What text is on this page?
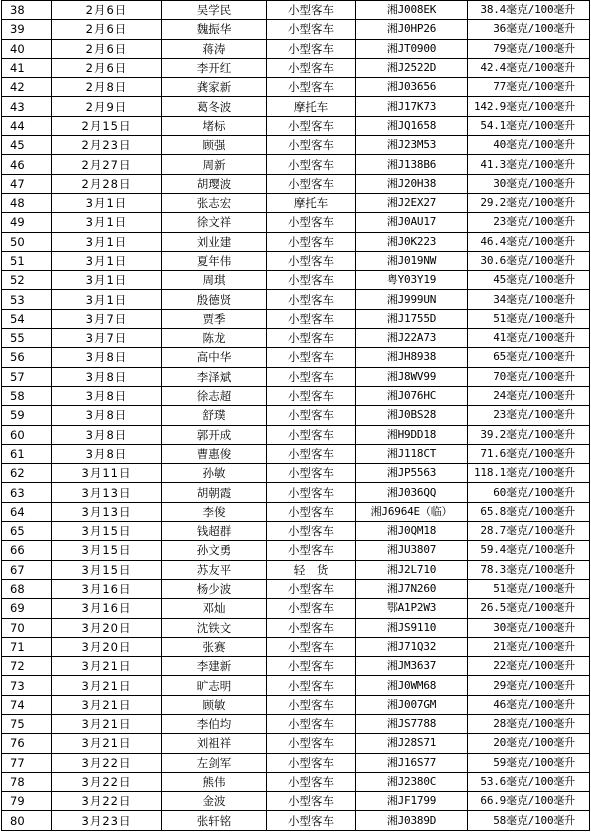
38	2月6日	吴学民	小型客车	湘J008EK	38.4毫克/100毫升
39	2月6日	魏振华	小型客车	湘J0HP26	36毫克/100毫升
40	2月6日	蒋涛	小型客车	湘JT0900	79毫克/100毫升
41	2月6日	李开红	小型客车	湘J2522D	42.4毫克/100毫升
42	2月8日	龚家新	小型客车	湘J03656	77毫克/100毫升
43	2月9日	葛冬波	摩托车	湘J17K73	142.9毫克/100毫升
44	2月15日	堵标	小型客车	湘JQ1658	54.1毫克/100毫升
45	2月23日	顾强	小型客车	湘J23M53	40毫克/100毫升
46	2月27日	周新	小型客车	湘J138B6	41.3毫克/100毫升
47	2月28日	胡璎波	小型客车	湘J20H38	30毫克/100毫升
48	3月1日	张志宏	摩托车	湘J2EX27	29.2毫克/100毫升
49	3月1日	徐文祥	小型客车	湘J0AU17	23毫克/100毫升
50	3月1日	刘业建	小型客车	湘J0K223	46.4毫克/100毫升
51	3月1日	夏年伟	小型客车	湘J019NW	30.6毫克/100毫升
52	3月1日	周琪	小型客车	粤Y03Y19	45毫克/100毫升
53	3月1日	殷德贤	小型客车	湘J999UN	34毫克/100毫升
54	3月7日	贾季	小型客车	湘J1755D	51毫克/100毫升
55	3月7日	陈龙	小型客车	湘J22A73	41毫克/100毫升
56	3月8日	高中华	小型客车	湘JH8938	65毫克/100毫升
57	3月8日	李泽斌	小型客车	湘J8WV99	70毫克/100毫升
58	3月8日	徐志超	小型客车	湘J076HC	24毫克/100毫升
59	3月8日	舒璞	小型客车	湘J0BS28	23毫克/100毫升
60	3月8日	郭开成	小型客车	湘H9DD18	39.2毫克/100毫升
61	3月8日	曹惠俊	小型客车	湘J118CT	71.6毫克/100毫升
62	3月11日	孙敏	小型客车	湘JP5563	118.1毫克/100毫升
63	3月13日	胡朝霞	小型客车	湘J036QQ	60毫克/100毫升
64	3月13日	李俊	小型客车	湘J6964E（临）	65.8毫克/100毫升
65	3月15日	钱超群	小型客车	湘J0QM18	28.7毫克/100毫升
66	3月15日	孙文勇	小型客车	湘JU3807	59.4毫克/100毫升
67	3月15日	苏友平	轻　货	湘J2L710	78.3毫克/100毫升
68	3月16日	杨少波	小型客车	湘J7N260	51毫克/100毫升
69	3月16日	邓灿	小型客车	鄂A1P2W3	26.5毫克/100毫升
70	3月20日	沈铁文	小型客车	湘JS9110	30毫克/100毫升
71	3月20日	张赛	小型客车	湘J71Q32	21毫克/100毫升
72	3月21日	李建新	小型客车	湘JM3637	22毫克/100毫升
73	3月21日	旷志明	小型客车	湘J0WM68	29毫克/100毫升
74	3月21日	顾敏	小型客车	湘J007GM	46毫克/100毫升
75	3月21日	李伯均	小型客车	湘JS7788	28毫克/100毫升
76	3月21日	刘祖祥	小型客车	湘J28S71	20毫克/100毫升
77	3月22日	左剑军	小型客车	湘J16S77	59毫克/100毫升
78	3月22日	熊伟	小型客车	湘J2380C	53.6毫克/100毫升
79	3月22日	金波	小型客车	湘JF1799	66.9毫克/100毫升
80	3月23日	张轩铭	小型客车	湘J0389D	58毫克/100毫升
